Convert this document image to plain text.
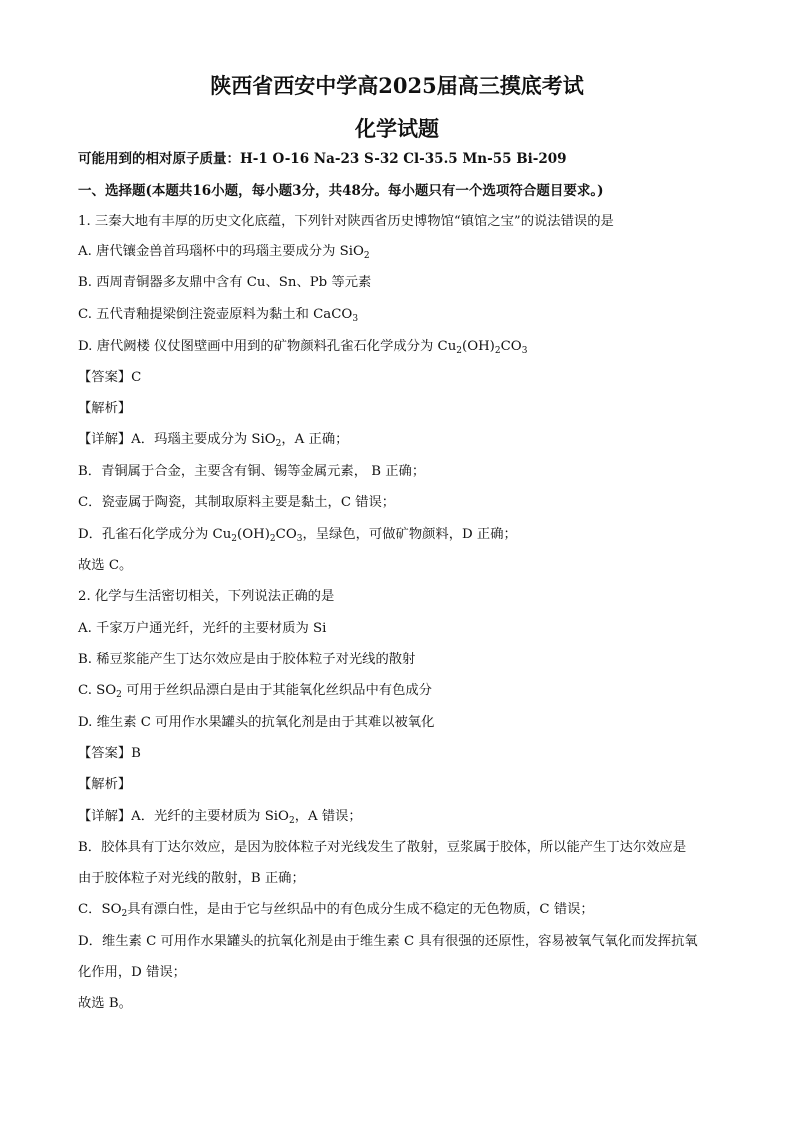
陕西省西安中学高2025届高三摸底考试
化学试题
可能用到的相对原子质量：H-1 O-16 Na-23 S-32 Cl-35.5 Mn-55 Bi-209
一、选择题(本题共16小题，每小题3分，共48分。每小题只有一个选项符合题目要求。)
1. 三秦大地有丰厚的历史文化底蕴，下列针对陕西省历史博物馆“镇馆之宝”的说法错误的是
A. 唐代镶金兽首玛瑙杯中的玛瑙主要成分为 SiO$_2$
B. 西周青铜器多友鼎中含有 Cu、Sn、Pb 等元素
C. 五代青釉提梁倒注瓷壶原料为黏土和 CaCO$_3$
D. 唐代阙楼 仪仗图壁画中用到的矿物颜料孔雀石化学成分为 $Cu_2(OH)_2CO_3$
【答案】C
【解析】
【详解】A．玛瑙主要成分为 SiO$_2$，A 正确；
B．青铜属于合金，主要含有铜、锡等金属元素， B 正确；
C．瓷壶属于陶瓷，其制取原料主要是黏土，C 错误；
D．孔雀石化学成分为 $Cu_2(OH)_2CO_3$，呈绿色，可做矿物颜料，D 正确；
故选 C。
2. 化学与生活密切相关，下列说法正确的是
A. 千家万户通光纤，光纤的主要材质为 Si
B. 稀豆浆能产生丁达尔效应是由于胶体粒子对光线的散射
C. $SO_2$ 可用于丝织品漂白是由于其能氧化丝织品中有色成分
D. 维生素 C 可用作水果罐头的抗氧化剂是由于其难以被氧化
【答案】B
【解析】
【详解】A．光纤的主要材质为 SiO$_2$，A 错误；
B．胶体具有丁达尔效应，是因为胶体粒子对光线发生了散射，豆浆属于胶体，所以能产生丁达尔效应是
由于胶体粒子对光线的散射，B 正确；
C．$SO_2$具有漂白性，是由于它与丝织品中的有色成分生成不稳定的无色物质，C 错误；
D．维生素 C 可用作水果罐头的抗氧化剂是由于维生素 C 具有很强的还原性，容易被氧气氧化而发挥抗氧
化作用，D 错误；
故选 B。
